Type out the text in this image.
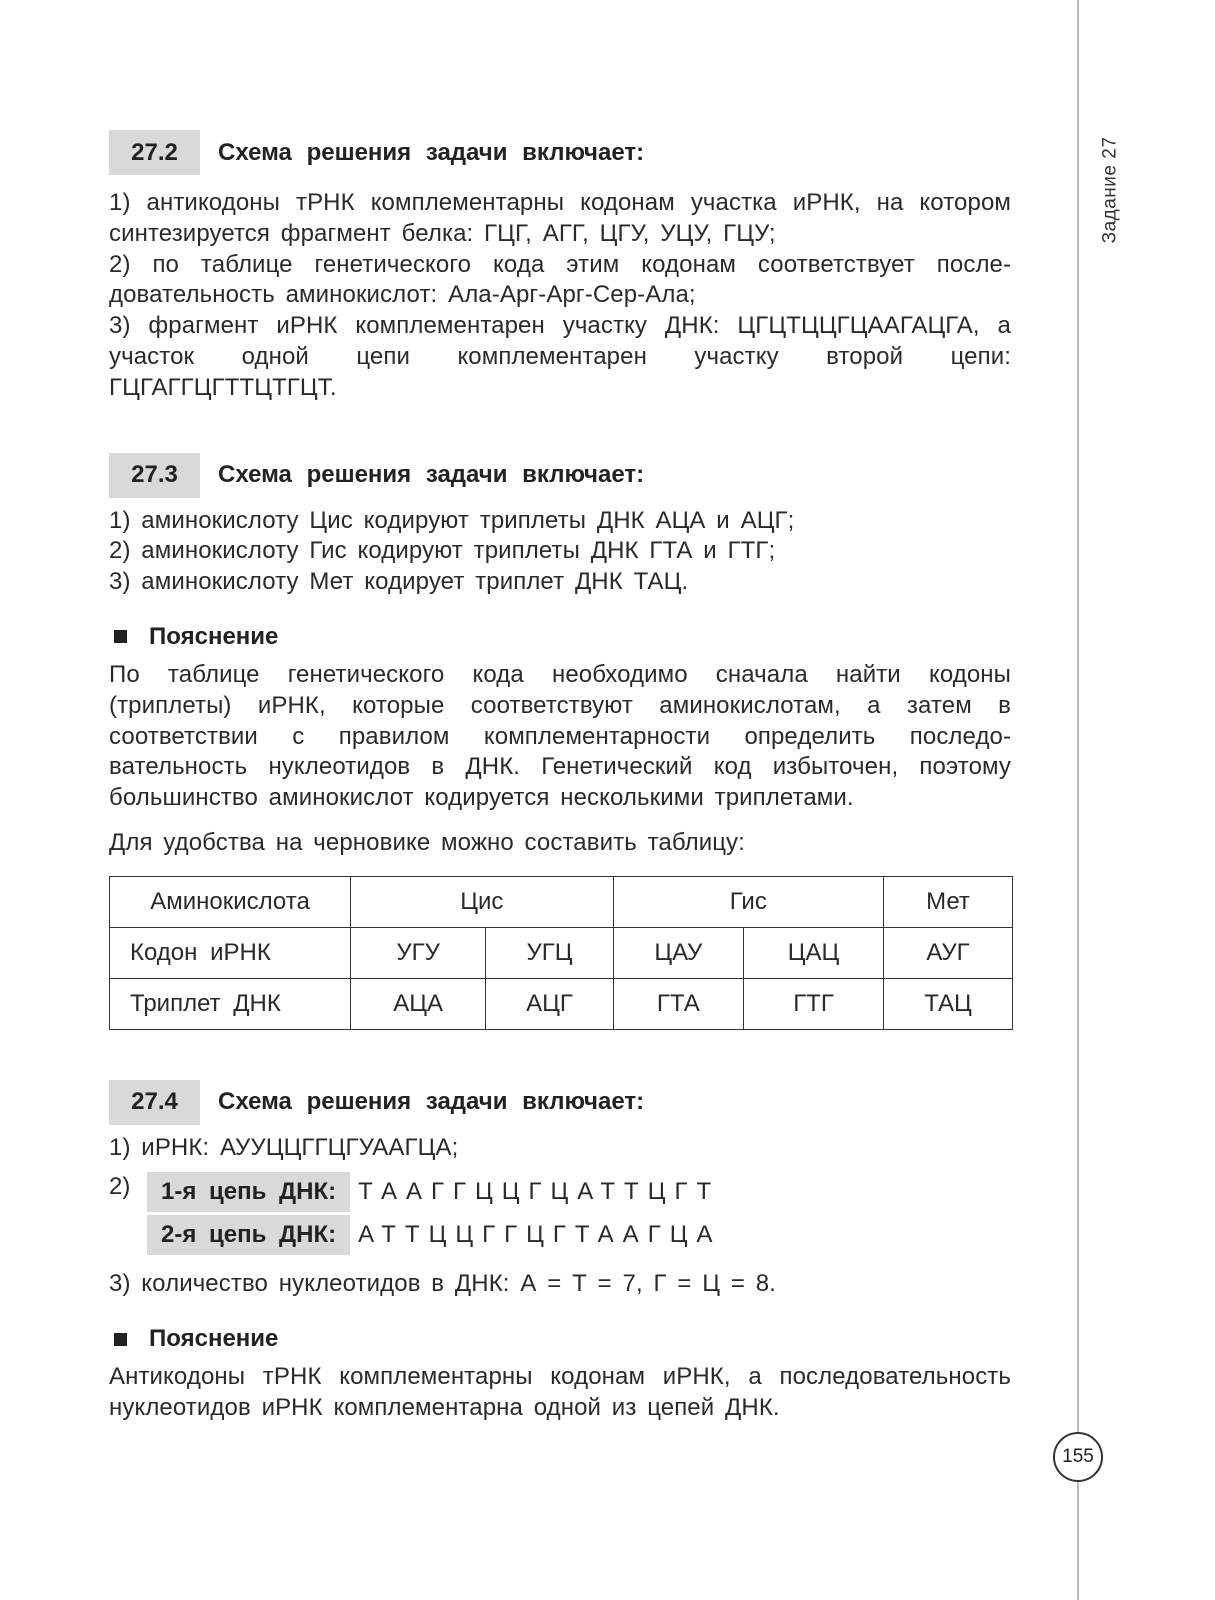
Задание 27
155
27.2	Схема решения задачи включает:

1) антикодоны тРНК комплементарны кодонам участка иРНК, на котором синтезируется фрагмент белка: ГЦГ, АГГ, ЦГУ, УЦУ, ГЦУ;

2) по таблице генетического кода этим кодонам соответствует последовательность аминокислот: Ала-Арг-Арг-Сер-Ала;

3) фрагмент иРНК комплементарен участку ДНК: ЦГЦТЦЦГЦААГАЦГА, а участок одной цепи комплементарен участку второй цепи: ГЦГАГГЦГТТЦТГЦТ.

27.3	Схема решения задачи включает:

1) аминокислоту Цис кодируют триплеты ДНК АЦА и АЦГ;

2) аминокислоту Гис кодируют триплеты ДНК ГТА и ГТГ;

3) аминокислоту Мет кодирует триплет ДНК ТАЦ.

Пояснение

По таблице генетического кода необходимо сначала найти кодоны (триплеты) иРНК, которые соответствуют аминокислотам, а затем в соответствии с правилом комплементарности определить последовательность нуклеотидов в ДНК. Генетический код избыточен, поэтому большинство аминокислот кодируется несколькими триплетами.

Для удобства на черновике можно составить таблицу:

Аминокислота	Цис		Гис		Мет
Кодон иРНК	УГУ	УГЦ	ЦАУ	ЦАЦ	АУГ
Триплет ДНК	АЦА	АЦГ	ГТА	ГТГ	ТАЦ
27.4	Схема решения задачи включает:

1) иРНК: АУУЦЦГГЦГУААГЦА;

2)	1-я цепь ДНК: ТААГГЦЦГЦАТТЦГТ
2-я цепь ДНК: АТТЦЦГГЦГТААГЦА

3) количество нуклеотидов в ДНК: А = Т = 7, Г = Ц = 8.

Пояснение

Антикодоны тРНК комплементарны кодонам иРНК, а последовательность нуклеотидов иРНК комплементарна одной из цепей ДНК.
